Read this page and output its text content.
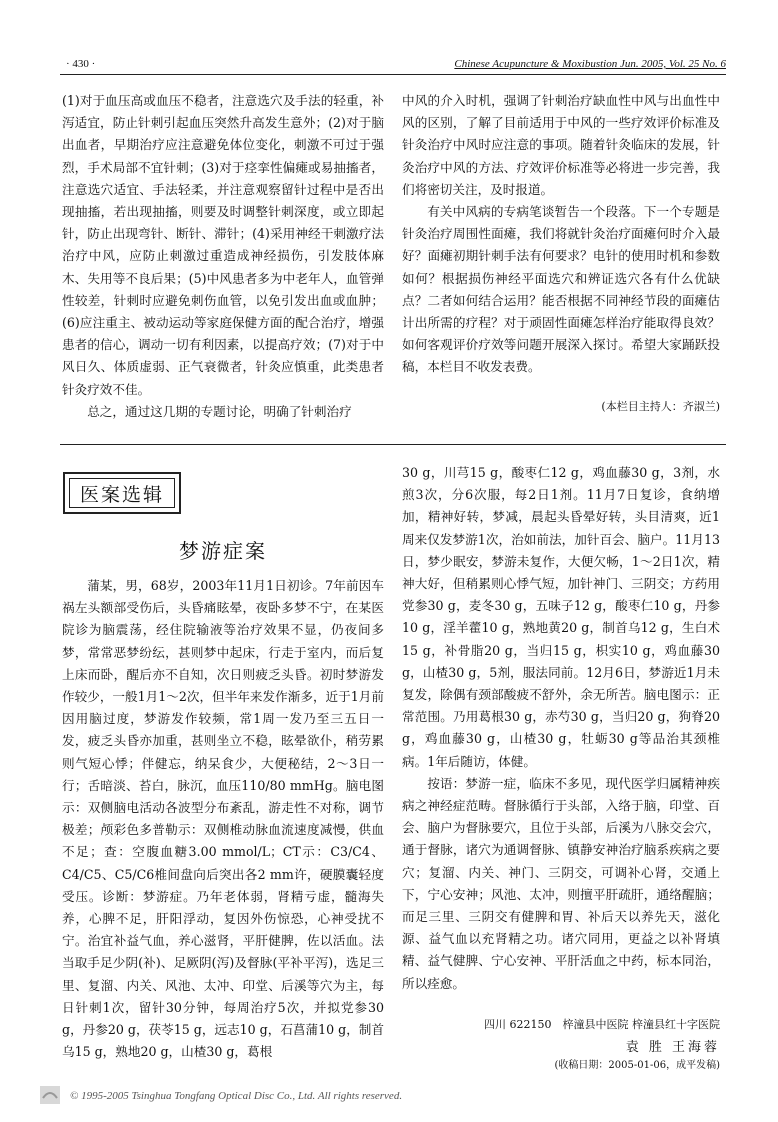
· 430 ·	Chinese Acupuncture & Moxibustion Jun. 2005, Vol. 25 No. 6

(1)对于血压高或血压不稳者，注意选穴及手法的轻重，补泻适宜，防止针刺引起血压突然升高发生意外；(2)对于脑出血者，早期治疗应注意避免体位变化，刺激不可过于强烈，手术局部不宜针刺；(3)对于痉挛性偏瘫或易抽搐者，注意选穴适宜、手法轻柔，并注意观察留针过程中是否出现抽搐，若出现抽搐，则要及时调整针刺深度，或立即起针，防止出现弯针、断针、滞针；(4)采用神经干刺激疗法治疗中风，应防止刺激过重造成神经损伤，引发肢体麻木、失用等不良后果；(5)中风患者多为中老年人，血管弹性较差，针刺时应避免刺伤血管，以免引发出血或血肿；(6)应注重主、被动运动等家庭保健方面的配合治疗，增强患者的信心，调动一切有利因素，以提高疗效；(7)对于中风日久、体质虚弱、正气衰微者，针灸应慎重，此类患者针灸疗效不佳。

总之，通过这几期的专题讨论，明确了针刺治疗

中风的介入时机，强调了针刺治疗缺血性中风与出血性中风的区别，了解了目前适用于中风的一些疗效评价标准及针灸治疗中风时应注意的事项。随着针灸临床的发展，针灸治疗中风的方法、疗效评价标准等必将进一步完善，我们将密切关注，及时报道。

有关中风病的专病笔谈暂告一个段落。下一个专题是针灸治疗周围性面瘫，我们将就针灸治疗面瘫何时介入最好？面瘫初期针刺手法有何要求？电针的使用时机和参数如何？根据损伤神经平面选穴和辨证选穴各有什么优缺点？二者如何结合运用？能否根据不同神经节段的面瘫估计出所需的疗程？对于顽固性面瘫怎样治疗能取得良效？如何客观评价疗效等问题开展深入探讨。希望大家踊跃投稿，本栏目不收发表费。

(本栏目主持人：齐淑兰)
医案选辑
梦游症案

蒲某，男，68岁，2003年11月1日初诊。7年前因车祸左头额部受伤后，头昏痛眩晕，夜卧多梦不宁，在某医院诊为脑震荡，经住院输液等治疗效果不显，仍夜间多梦，常常恶梦纷纭，甚则梦中起床，行走于室内，而后复上床而卧，醒后亦不自知，次日则疲乏头昏。初时梦游发作较少，一般1月1～2次，但半年来发作渐多，近于1月前因用脑过度，梦游发作较频，常1周一发乃至三五日一发，疲乏头昏亦加重，甚则坐立不稳，眩晕欲仆，稍劳累则气短心悸；伴健忘，纳呆食少，大便秘结，2～3日一行；舌暗淡、苔白，脉沉，血压110/80 mmHg。脑电图示：双侧脑电活动各波型分布紊乱，游走性不对称，调节极差；颅彩色多普勒示：双侧椎动脉血流速度减慢，供血不足；查：空腹血糖3.00 mmol/L；CT示：C3/C4、C4/C5、C5/C6椎间盘向后突出各2 mm许，硬膜囊轻度受压。诊断：梦游症。乃年老体弱，肾精亏虚，髓海失养，心脾不足，肝阳浮动，复因外伤惊恐，心神受扰不宁。治宜补益气血，养心滋肾，平肝健脾，佐以活血。法当取手足少阴(补)、足厥阴(泻)及督脉(平补平泻)，选足三里、复溜、内关、风池、太冲、印堂、后溪等穴为主，每日针刺1次，留针30分钟，每周治疗5次，并拟党参30 g，丹参20 g，茯苓15 g，远志10 g，石菖蒲10 g，制首乌15 g，熟地20 g，山楂30 g，葛根

30 g，川芎15 g，酸枣仁12 g，鸡血藤30 g，3剂，水煎3次，分6次服，每2日1剂。11月7日复诊，食纳增加，精神好转，梦减，晨起头昏晕好转，头目清爽，近1周来仅发梦游1次，治如前法，加针百会、脑户。11月13日，梦少眠安，梦游未复作，大便欠畅，1～2日1次，精神大好，但稍累则心悸气短，加针神门、三阴交；方药用党参30 g，麦冬30 g，五味子12 g，酸枣仁10 g，丹参10 g，淫羊藿10 g，熟地黄20 g，制首乌12 g，生白术15 g，补骨脂20 g，当归15 g，枳实10 g，鸡血藤30 g，山楂30 g，5剂，服法同前。12月6日，梦游近1月未复发，除偶有颈部酸疲不舒外，余无所苦。脑电图示：正常范围。乃用葛根30 g，赤芍30 g，当归20 g，狗脊20 g，鸡血藤30 g，山楂30 g，牡蛎30 g等品治其颈椎病。1年后随访，体健。

按语：梦游一症，临床不多见，现代医学归属精神疾病之神经症范畴。督脉循行于头部，入络于脑，印堂、百会、脑户为督脉要穴，且位于头部，后溪为八脉交会穴，通于督脉，诸穴为通调督脉、镇静安神治疗脑系疾病之要穴；复溜、内关、神门、三阴交，可调补心肾，交通上下，宁心安神；风池、太冲，则擅平肝疏肝，通络醒脑；而足三里、三阴交有健脾和胃、补后天以养先天，滋化源、益气血以充肾精之功。诸穴同用，更益之以补肾填精、益气健脾、宁心安神、平肝活血之中药，标本同治，所以痊愈。

四川 622150　梓潼县中医院 梓潼县红十字医院
袁 胜 王海蓉
(收稿日期：2005-01-06，成平发稿)
© 1995-2005 Tsinghua Tongfang Optical Disc Co., Ltd. All rights reserved.
